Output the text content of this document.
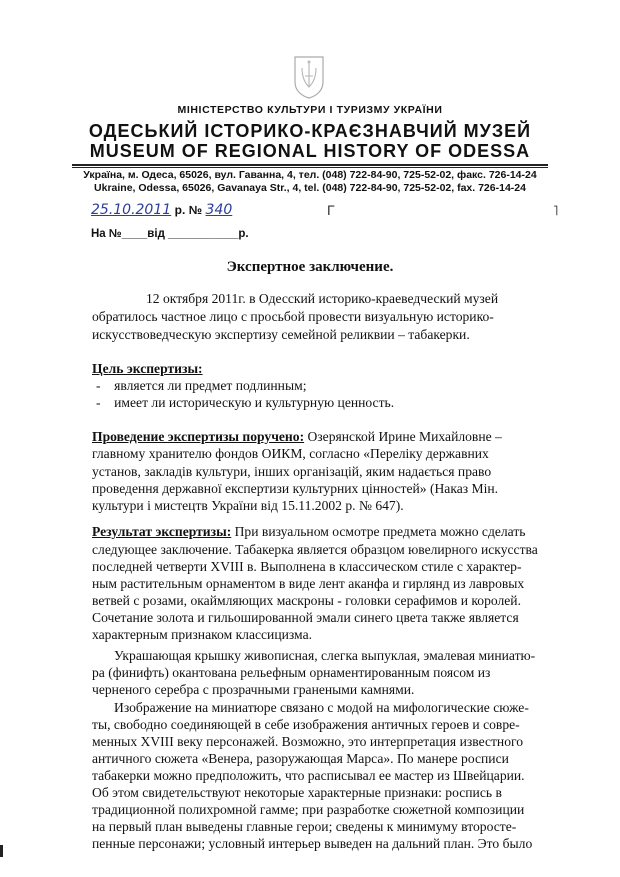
МІНІСТЕРСТВО КУЛЬТУРИ І ТУРИЗМУ УКРАЇНИ
ОДЕСЬКИЙ ІСТОРИКО-КРАЄЗНАВЧИЙ МУЗЕЙ
MUSEUM OF REGIONAL HISTORY OF ODESSA
Україна, м. Одеса, 65026, вул. Гаванна, 4, тел. (048) 722-84-90, 725-52-02, факс. 726-14-24
Ukraine, Odessa, 65026, Gavanaya Str., 4, tel. (048) 722-84-90, 725-52-02, fax. 726-14-24
25.10.2011 р. № 340	Г	˥
На №____від ___________р.
Экспертное заключение.
12 октября 2011г. в Одесский историко-краеведческий музей
обратилось частное лицо с просьбой провести визуальную историко-
искусствоведческую экспертизу семейной реликвии – табакерки.
Цель экспертизы:
-    является ли предмет подлинным;
-    имеет ли историческую и культурную ценность.
Проведение экспертизы поручено: Озерянской Ирине Михайловне –
главному хранителю фондов ОИКМ, согласно «Переліку державних
установ, закладів культури, інших організацій, яким надається право
проведення державної експертизи культурних цінностей» (Наказ Мін.
культури і мистецтв України від 15.11.2002 р. № 647).
Результат экспертизы: При визуальном осмотре предмета можно сделать
следующее заключение. Табакерка является образцом ювелирного искусства
последней четверти XVIII в. Выполнена в классическом стиле с характер-
ным растительным орнаментом в виде лент аканфа и гирлянд из лавровых
ветвей с розами, окаймляющих маскроны - головки серафимов и королей.
Сочетание золота и гильошированной эмали синего цвета также является
характерным признаком классицизма.
Украшающая крышку живописная, слегка выпуклая, эмалевая миниатю-
ра (финифть) окантована рельефным орнаментированным поясом из
черненого серебра с прозрачными гранеными камнями.
Изображение на миниатюре связано с модой на мифологические сюже-
ты, свободно соединяющей в себе изображения античных героев и совре-
менных XVIII веку персонажей. Возможно, это интерпретация известного
античного сюжета «Венера, разоружающая Марса». По манере росписи
табакерки можно предположить, что расписывал ее мастер из Швейцарии.
Об этом свидетельствуют некоторые характерные признаки: роспись в
традиционной полихромной гамме; при разработке сюжетной композиции
на первый план выведены главные герои; сведены к минимуму второсте-
пенные персонажи; условный интерьер выведен на дальний план. Это было
